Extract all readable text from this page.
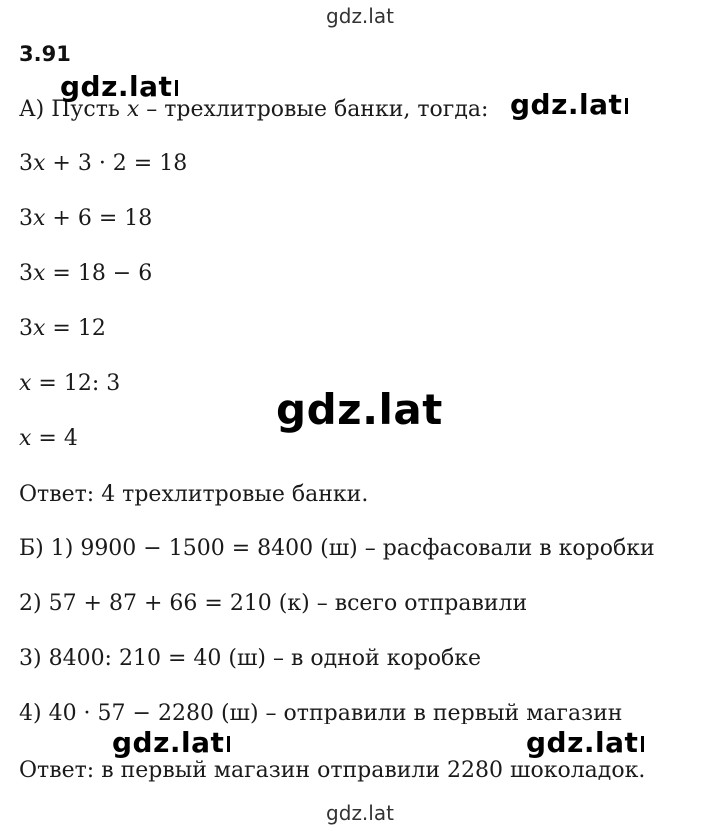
gdz.lat
3.91
А) Пусть 𝑥 – трехлитровые банки, тогда:
3𝑥 + 3 · 2 = 18
3𝑥 + 6 = 18
3𝑥 = 18 − 6
3𝑥 = 12
𝑥 = 12: 3
𝑥 = 4
Ответ: 4 трехлитровые банки.
Б) 1) 9900 − 1500 = 8400 (ш) – расфасовали в коробки
2) 57 + 87 + 66 = 210 (к) – всего отправили
3) 8400: 210 = 40 (ш) – в одной коробке
4) 40 · 57 − 2280 (ш) – отправили в первый магазин
Ответ: в первый магазин отправили 2280 шоколадок.
gdz.lat
gdz.lat
gdz.lat
gdz.lat	gdz.lat
gdz.lat
